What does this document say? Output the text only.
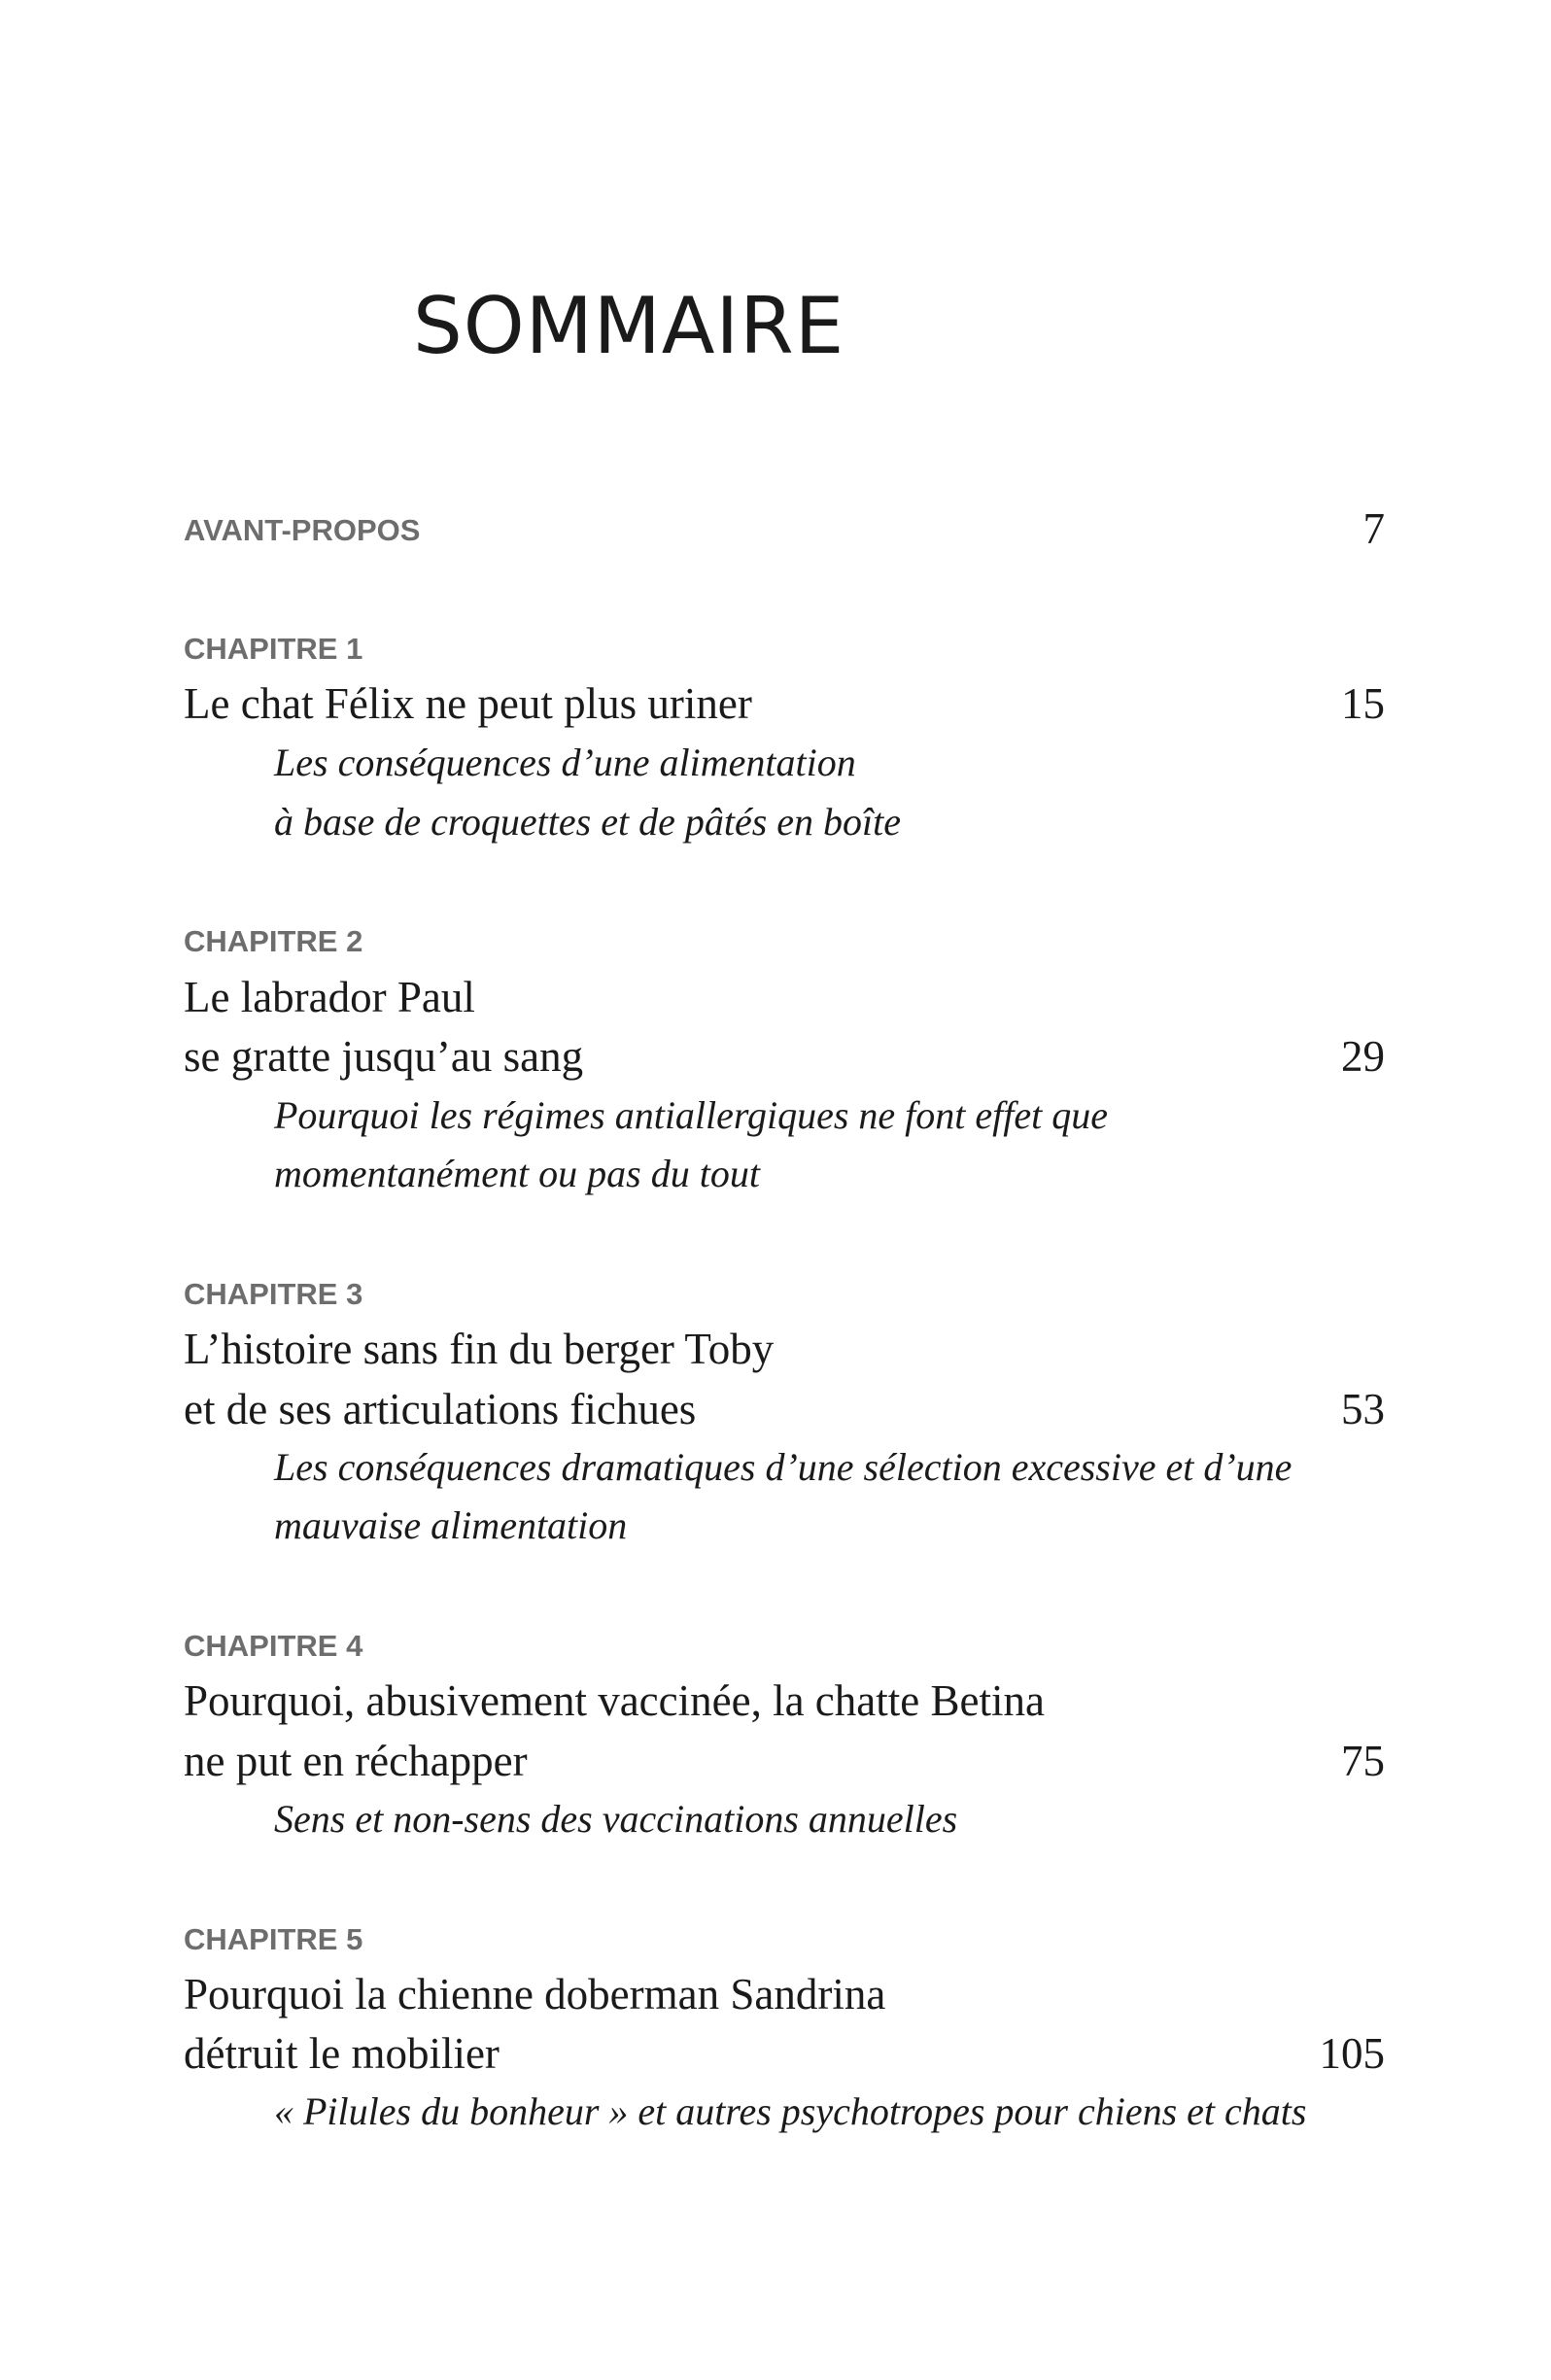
SOMMAIRE
AVANT-PROPOS	7
CHAPITRE 1
Le chat Félix ne peut plus uriner	15
Les conséquences d’une alimentation
à base de croquettes et de pâtés en boîte
CHAPITRE 2
Le labrador Paul
se gratte jusqu’au sang	29
Pourquoi les régimes antiallergiques ne font effet que
momentanément ou pas du tout
CHAPITRE 3
L’histoire sans fin du berger Toby
et de ses articulations fichues	53
Les conséquences dramatiques d’une sélection excessive et d’une
mauvaise alimentation
CHAPITRE 4
Pourquoi, abusivement vaccinée, la chatte Betina
ne put en réchapper	75
Sens et non-sens des vaccinations annuelles
CHAPITRE 5
Pourquoi la chienne doberman Sandrina
détruit le mobilier	105
« Pilules du bonheur » et autres psychotropes pour chiens et chats
